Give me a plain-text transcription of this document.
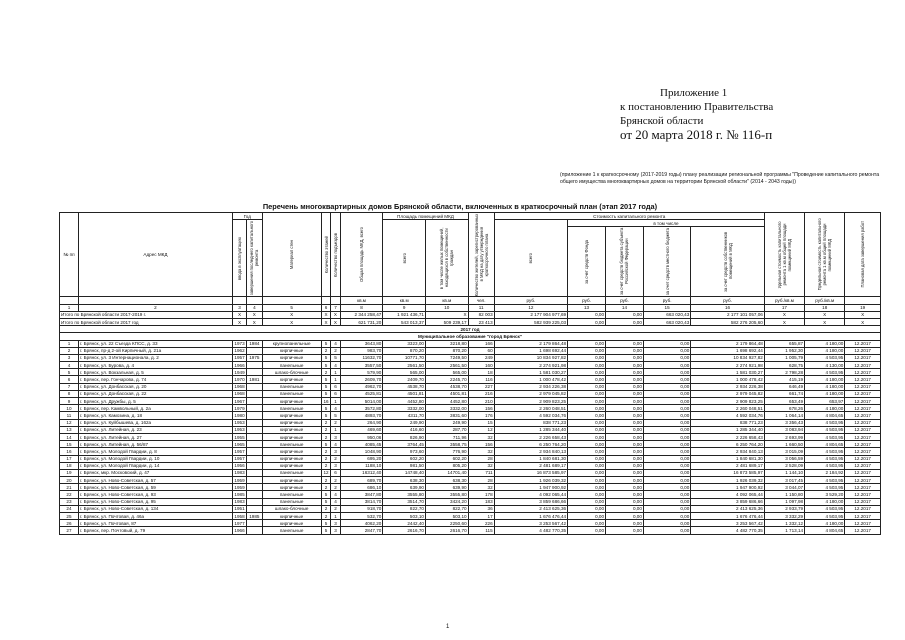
Приложение 1
к постановлению Правительства
Брянской области
от 20 марта 2018 г. № 116-п
(приложение 1 к краткосрочному (2017-2019 годы) плану реализации региональной программы "Проведение капитального ремонта общего имущества многоквартирных домов на территории Брянской области" (2014 - 2043 годы))
Перечень многоквартирных домов Брянской области, включенных в краткосрочный план (этап 2017 года)
№ пп	Адрес МКД	Год		Материал стен	Количество этажей	Количество подъездов	Общая площадь МКД, всего	Площадь помещений МКД		Количество жителей, зарегистрированных в МКД на дату утверждения краткосрочного плана	Стоимость капитального ремонта					Удельная стоимость капитального ремонта 1 кв.м общей площади помещений МКД	Предельная стоимость капитального ремонта 1 кв.м общей площади помещений МКД	Плановая дата завершения работ

		ввода в эксплуатацию	завершения последнего капитального ремонта					всего	в том числе жилых помещений, находящихся в собственности граждан		всего	в том числе						

												за счет средств Фонда	за счет средств бюджета субъекта Российской Федерации	за счет средств местного бюджета	за счет средств собственников помещений в МКД			

							кв.м	кв.м	кв.м	чел.	руб.	руб.	руб.	руб.	руб.	руб./кв.м	руб./кв.м	
1	2	3	4	5	6	7	8	9	10	11	12	13	14	15	16	17	18	19
Итого по Брянской области 2017-2019 г.		X	X	X	X	X	2 344 258,47	1 921 436,71	X	82 003	2 177 904 977,69	0,00	0,00	663 020,43	2 177 101 057,06	X	X	X
Итого по Брянской области 2017 год		X	X	X	X	X	621 731,20	543 013,37	509 239,17	23 413	582 939 225,03	0,00	0,00	663 020,43	582 276 205,60	X	X	X
2017 год																		
Муниципальное образование "город Брянск"																		
1	г. Брянск, ул. 22 Съезда КПСС, д. 33	1973	1984	крупнопанельные	5	4	3643,80	3323,00	3218,80	166	2 179 864,48	0,00	0,00	0,00	2 179 864,48	655,87	4 180,00	12.2017
2	г. Брянск, пр-д 2-ой Кирпичный, д. 21а	1962		кирпичные	2	2	983,70	870,20	870,20	60	1 698 692,44	0,00	0,00	0,00	1 698 692,44	1 952,30	4 180,00	12.2017
3	г. Брянск, ул. 3 Интернационала, д. 2	1957	1975	кирпичные	5	5	11632,70	10771,70	7249,50	249	10 834 927,82	0,00	0,00	0,00	10 834 927,82	1 005,79	4 503,95	12.2017
4	г. Брянск, ул. Бурова, д. 4	1966		панельные	5	4	3557,50	2561,50	2561,50	160	2 274 921,98	0,00	0,00	0,00	2 274 921,98	628,75	4 130,00	12.2017
5	г. Брянск, ул. Вокзальная, д. 5	1949		шлако-блочные	2	1	579,90	565,00	565,00	18	1 581 030,27	0,00	0,00	0,00	1 581 030,27	2 798,28	4 503,95	12.2017
6	г. Брянск, пер. Гончарова, д. 74	1970	1981	кирпичные	5	1	2609,70	2409,70	2245,70	116	1 000 478,42	0,00	0,00	0,00	1 000 478,42	415,19	4 180,00	12.2017
7	г. Брянск, ул. Донбасская, д. 20	1968		панельные	5	6	4962,70	4538,70	4538,70	227	2 934 226,38	0,00	0,00	0,00	2 934 226,38	646,49	4 180,00	12.2017
8	г. Брянск, ул. Донбасская, д. 22	1968		панельные	5	6	4525,81	4501,81	4501,81	216	2 979 045,82	0,00	0,00	0,00	2 979 045,82	661,74	4 180,00	12.2017
9	г. Брянск, ул. Дружбы, д. 5	1967		кирпичные	16	1	5014,00	4452,80	4452,80	210	2 909 823,25	0,00	0,00	0,00	2 909 823,25	653,49	653,97	12.2017
10	г. Брянск, пер. Камвольный, д. 2а	1979		панельные	5	4	3572,80	3332,00	3332,00	156	2 260 048,51	0,00	0,00	0,00	2 260 048,51	678,26	4 180,00	12.2017
11	г. Брянск, ул. Камозина, д. 18	1980		кирпичные	5	5	4893,70	4311,70	3831,60	176	4 592 034,76	0,00	0,00	0,00	4 592 034,76	1 064,14	4 804,65	12.2017
12	г. Брянск, ул. Куйбышева, д. 162а	1953		кирпичные	2	2	264,90	249,90	249,90	15	838 771,23	0,00	0,00	0,00	838 771,23	3 356,43	4 503,95	12.2017
13	г. Брянск, ул. Литейная, д. 23	1953		кирпичные	2	1	469,60	416,60	287,70	12	1 285 344,40	0,00	0,00	0,00	1 285 344,40	3 083,94	4 503,95	12.2017
14	г. Брянск, ул. Литейная, д. 27	1955		кирпичные	2	3	950,06	826,90	711,96	32	2 226 658,43	0,00	0,00	0,00	2 226 658,43	2 693,99	4 503,95	12.2017
15	г. Брянск, ул. Литейная, д. 56/87	1965		панельные	5	4	4085,45	3764,45	3558,75	156	6 250 764,20	0,00	0,00	0,00	6 250 764,20	1 660,50	4 804,65	12.2017
16	г. Брянск, ул. Молодой Гвардии, д. 8	1957		кирпичные	2	3	1048,90	973,60	776,90	32	2 934 840,13	0,00	0,00	0,00	2 934 840,13	3 015,09	4 503,95	12.2017
17	г. Брянск, ул. Молодой Гвардии, д. 10	1957		кирпичные	2	2	695,20	602,20	602,20	28	1 840 681,30	0,00	0,00	0,00	1 840 681,30	3 056,59	4 503,95	12.2017
18	г. Брянск, ул. Молодой Гвардии, д. 14	1956		кирпичные	2	3	1188,10	981,50	805,20	32	2 481 689,17	0,00	0,00	0,00	2 481 689,17	2 528,09	4 503,95	12.2017
19	г. Брянск, мкр. Московский, д. 47	1983		панельные	12	6	16312,40	14748,40	14701,40	711	16 873 585,97	0,00	0,00	0,00	16 873 585,97	1 144,10	2 184,92	12.2017
20	г. Брянск, ул. Ново-Советская, д. 57	1959		кирпичные	2	2	689,70	638,30	638,30	28	1 926 039,32	0,00	0,00	0,00	1 926 039,32	3 017,45	4 503,95	12.2017
21	г. Брянск, ул. Ново-Советская, д. 59	1959		кирпичные	2	2	686,10	639,90	639,90	32	1 947 900,92	0,00	0,00	0,00	1 947 900,92	3 044,07	4 503,95	12.2017
22	г. Брянск, ул. Ново-Советская, д. 93	1985		панельные	5	4	3847,80	3555,80	3555,80	178	4 092 065,44	0,00	0,00	0,00	4 092 065,44	1 150,80	3 529,20	12.2017
23	г. Брянск, ул. Ново-Советская, д. 95	1983		панельные	5	4	3814,70	3514,70	3424,20	183	3 859 686,66	0,00	0,00	0,00	3 859 686,66	1 097,98	4 180,00	12.2017
24	г. Брянск, ул. Ново-Советская, д. 134	1951		шлако-блочные	2	2	918,70	822,70	822,70	36	2 413 625,36	0,00	0,00	0,00	2 413 625,36	2 933,79	4 503,95	12.2017
25	г. Брянск, ул. Почтовая, д. 46а	1958	1985	кирпичные	2	1	532,70	503,10	503,10	17	1 676 476,44	0,00	0,00	0,00	1 676 476,44	3 332,29	4 503,95	12.2017
26	г. Брянск, ул. Почтовая, 87	1977		кирпичные	5	3	4062,20	2442,40	2250,60	226	3 253 567,42	0,00	0,00	0,00	3 253 567,42	1 332,12	4 180,00	12.2017
27	г. Брянск, пер. Почтовый, д. 79	1966		панельные	5	3	2847,70	2616,70	2616,70	115	4 482 770,35	0,00	0,00	0,00	4 482 770,35	1 713,14	4 804,65	12.2017
1
